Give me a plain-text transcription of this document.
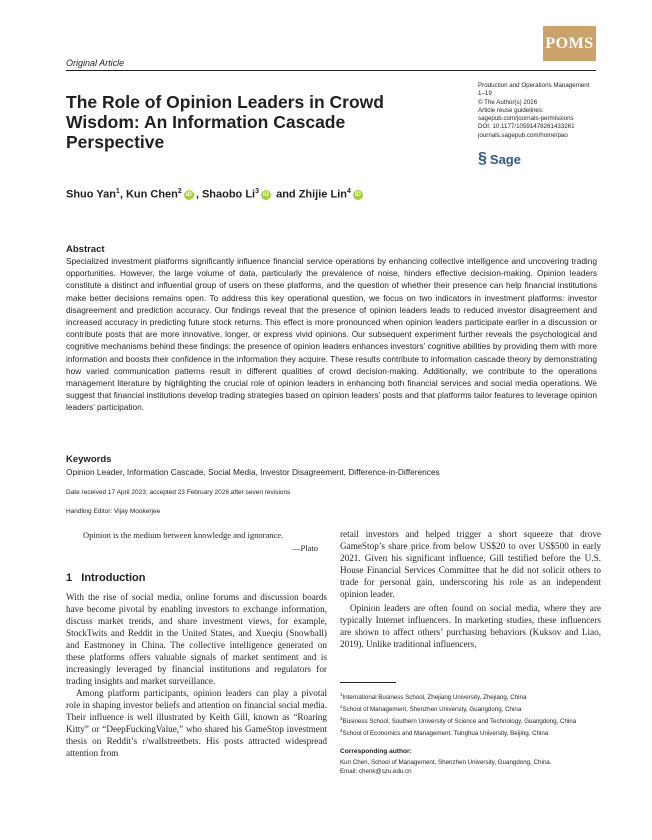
POMS
Original Article
The Role of Opinion Leaders in Crowd Wisdom: An Information Cascade Perspective
Production and Operations Management
1–19
© The Author(s) 2026
Article reuse guidelines:
sagepub.com/journals-permissions
DOI: 10.1177/10591478261433261
journals.sagepub.com/home/pao
§ Sage
Shuo Yan$^1$, Kun Chen$^2$ iD , Shaobo Li$^3$ iD and Zhijie Lin$^4$ iD
Abstract
Specialized investment platforms significantly influence financial service operations by enhancing collective intelligence and uncovering trading opportunities. However, the large volume of data, particularly the prevalence of noise, hinders effective decision-making. Opinion leaders constitute a distinct and influential group of users on these platforms, and the question of whether their presence can help financial institutions make better decisions remains open. To address this key operational question, we focus on two indicators in investment platforms: investor disagreement and prediction accuracy. Our findings reveal that the presence of opinion leaders leads to reduced investor disagreement and increased accuracy in predicting future stock returns. This effect is more pronounced when opinion leaders participate earlier in a discussion or contribute posts that are more innovative, longer, or express vivid opinions. Our subsequent experiment further reveals the psychological and cognitive mechanisms behind these findings: the presence of opinion leaders enhances investors’ cognitive abilities by providing them with more information and boosts their confidence in the information they acquire. These results contribute to information cascade theory by demonstrating how varied communication patterns result in different qualities of crowd decision-making. Additionally, we contribute to the operations management literature by highlighting the crucial role of opinion leaders in enhancing both financial services and social media operations. We suggest that financial institutions develop trading strategies based on opinion leaders’ posts and that platforms tailor features to leverage opinion leaders’ participation.
Keywords
Opinion Leader, Information Cascade, Social Media, Investor Disagreement, Difference-in-Differences
Date received 17 April 2023; accepted 23 February 2026 after seven revisions
Handling Editor: Vijay Mookerjee
Opinion is the medium between knowledge and ignorance.
—Plato
1   Introduction

With the rise of social media, online forums and discussion boards have become pivotal by enabling investors to exchange information, discuss market trends, and share investment views, for example, StockTwits and Reddit in the United States, and Xueqiu (Snowball) and Eastmoney in China. The collective intelligence generated on these platforms offers valuable signals of market sentiment and is increasingly leveraged by financial institutions and regulators for trading insights and market surveillance.

Among platform participants, opinion leaders can play a pivotal role in shaping investor beliefs and attention on financial social media. Their influence is well illustrated by Keith Gill, known as “Roaring Kitty” or “DeepFuckingValue,” who shared his GameStop investment thesis on Reddit’s r/wallstreetbets. His posts attracted widespread attention from

retail investors and helped trigger a short squeeze that drove GameStop’s share price from below US$20 to over US$500 in early 2021. Given his significant influence, Gill testified before the U.S. House Financial Services Committee that he did not solicit others to trade for personal gain, underscoring his role as an independent opinion leader.

Opinion leaders are often found on social media, where they are typically Internet influencers. In marketing studies, these influencers are shown to affect others’ purchasing behaviors (Kuksov and Liao, 2019). Unlike traditional influencers,

$^1$International Business School, Zhejiang University, Zhejiang, China
$^2$School of Management, Shenzhen University, Guangdong, China
$^3$Business School, Southern University of Science and Technology, Guangdong, China
$^4$School of Economics and Management, Tsinghua University, Beijing, China
Corresponding author:
Kun Chen, School of Management, Shenzhen University, Guangdong, China.
Email: chenk@szu.edu.cn
